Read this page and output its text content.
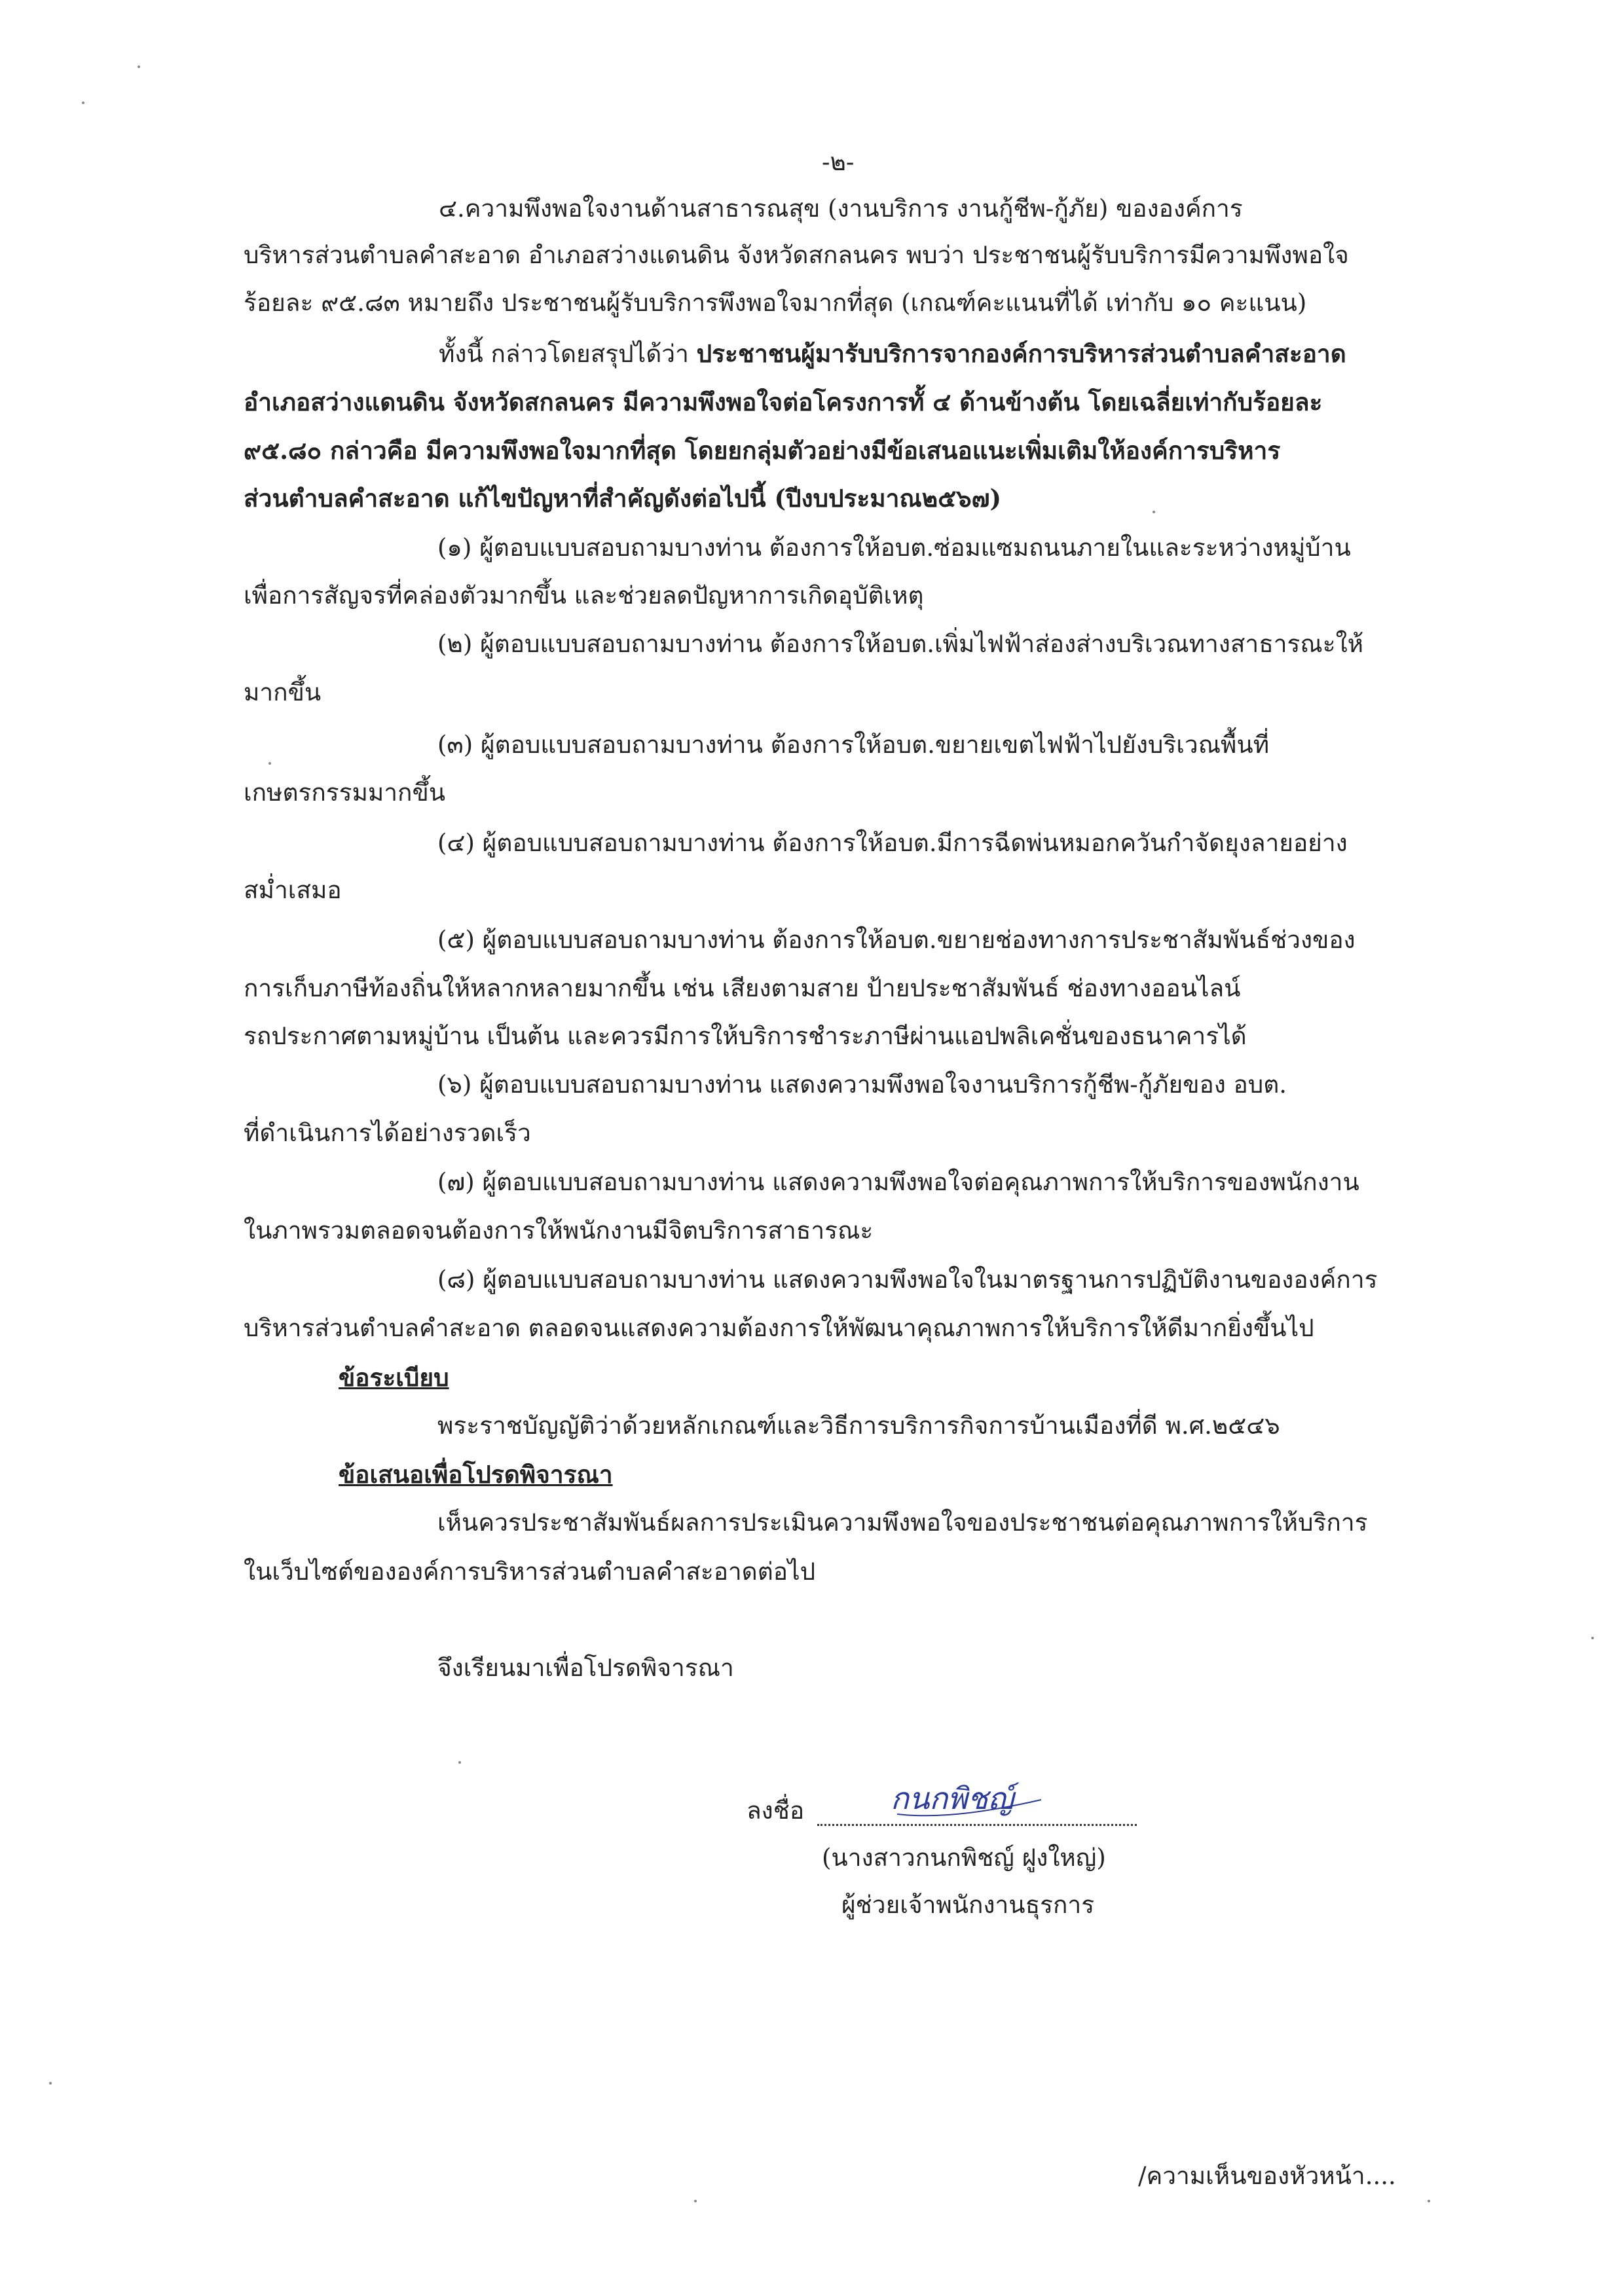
-๒-
๔.ความพึงพอใจงานด้านสาธารณสุข (งานบริการ งานกู้ชีพ-กู้ภัย) ขององค์การ
บริหารส่วนตำบลคำสะอาด อำเภอสว่างแดนดิน จังหวัดสกลนคร พบว่า ประชาชนผู้รับบริการมีความพึงพอใจ
ร้อยละ ๙๕.๘๓ หมายถึง ประชาชนผู้รับบริการพึงพอใจมากที่สุด (เกณฑ์คะแนนที่ได้ เท่ากับ ๑๐ คะแนน)
ทั้งนี้ กล่าวโดยสรุปได้ว่า ประชาชนผู้มารับบริการจากองค์การบริหารส่วนตำบลคำสะอาด
อำเภอสว่างแดนดิน จังหวัดสกลนคร มีความพึงพอใจต่อโครงการทั้ ๔ ด้านข้างต้น โดยเฉลี่ยเท่ากับร้อยละ
๙๕.๘๐ กล่าวคือ มีความพึงพอใจมากที่สุด โดยยกลุ่มตัวอย่างมีข้อเสนอแนะเพิ่มเติมให้องค์การบริหาร
ส่วนตำบลคำสะอาด แก้ไขปัญหาที่สำคัญดังต่อไปนี้ (ปีงบประมาณ๒๕๖๗)
(๑) ผู้ตอบแบบสอบถามบางท่าน ต้องการให้อบต.ซ่อมแซมถนนภายในและระหว่างหมู่บ้าน
เพื่อการสัญจรที่คล่องตัวมากขึ้น และช่วยลดปัญหาการเกิดอุบัติเหตุ
(๒) ผู้ตอบแบบสอบถามบางท่าน ต้องการให้อบต.เพิ่มไฟฟ้าส่องส่างบริเวณทางสาธารณะให้
มากขึ้น
(๓) ผู้ตอบแบบสอบถามบางท่าน ต้องการให้อบต.ขยายเขตไฟฟ้าไปยังบริเวณพื้นที่
เกษตรกรรมมากขึ้น
(๔) ผู้ตอบแบบสอบถามบางท่าน ต้องการให้อบต.มีการฉีดพ่นหมอกควันกำจัดยุงลายอย่าง
สม่ำเสมอ
(๕) ผู้ตอบแบบสอบถามบางท่าน ต้องการให้อบต.ขยายช่องทางการประชาสัมพันธ์ช่วงของ
การเก็บภาษีท้องถิ่นให้หลากหลายมากขึ้น เช่น เสียงตามสาย ป้ายประชาสัมพันธ์ ช่องทางออนไลน์
รถประกาศตามหมู่บ้าน เป็นต้น และควรมีการให้บริการชำระภาษีผ่านแอปพลิเคชั่นของธนาคารได้
(๖) ผู้ตอบแบบสอบถามบางท่าน แสดงความพึงพอใจงานบริการกู้ชีพ-กู้ภัยของ อบต.
ที่ดำเนินการได้อย่างรวดเร็ว
(๗) ผู้ตอบแบบสอบถามบางท่าน แสดงความพึงพอใจต่อคุณภาพการให้บริการของพนักงาน
ในภาพรวมตลอดจนต้องการให้พนักงานมีจิตบริการสาธารณะ
(๘) ผู้ตอบแบบสอบถามบางท่าน แสดงความพึงพอใจในมาตรฐานการปฏิบัติงานขององค์การ
บริหารส่วนตำบลคำสะอาด ตลอดจนแสดงความต้องการให้พัฒนาคุณภาพการให้บริการให้ดีมากยิ่งขึ้นไป
ข้อระเบียบ
พระราชบัญญัติว่าด้วยหลักเกณฑ์และวิธีการบริการกิจการบ้านเมืองที่ดี พ.ศ.๒๕๔๖
ข้อเสนอเพื่อโปรดพิจารณา
เห็นควรประชาสัมพันธ์ผลการประเมินความพึงพอใจของประชาชนต่อคุณภาพการให้บริการ
ในเว็บไซต์ขององค์การบริหารส่วนตำบลคำสะอาดต่อไป
จึงเรียนมาเพื่อโปรดพิจารณา
ลงชื่อ	กนกพิชญ์
(นางสาวกนกพิชญ์ ฝูงใหญ่)
ผู้ช่วยเจ้าพนักงานธุรการ
/ความเห็นของหัวหน้า....
